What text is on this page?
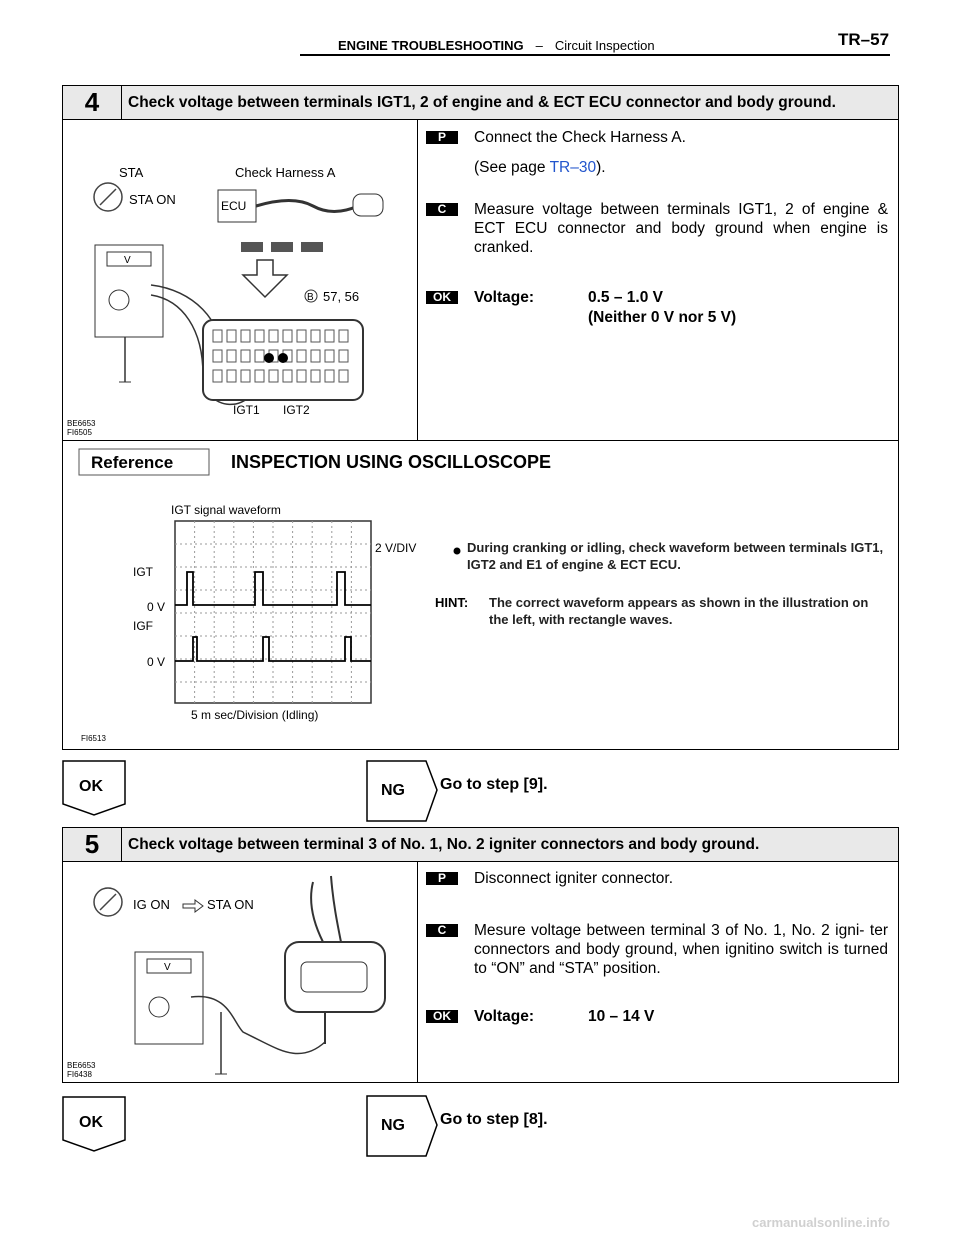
ENGINE TROUBLESHOOTING – Circuit Inspection	TR–57
4	Check voltage between terminals IGT1, 2 of engine and & ECT ECU connector and body ground.
STA
STA ON
Check Harness A
ECU
B 57, 56
V
IGT1 IGT2
BE6653
FI6505
P	Connect the Check Harness A.
(See page TR–30).
C	Measure voltage between terminals IGT1, 2 of engine & ECT ECU connector and body ground when engine is cranked.
OK	Voltage:	0.5 – 1.0 V
(Neither 0 V nor 5 V)
Reference	INSPECTION USING OSCILLOSCOPE
IGT signal waveform
2 V/DIV
IGT
0 V
IGF
0 V
5 m sec/Division (Idling)
During cranking or idling, check waveform between terminals IGT1, IGT2 and E1 of engine & ECT ECU.
HINT: The correct waveform appears as shown in the illustration on the left, with rectangle waves.
FI6513
OK	NG Go to step [9].
5	Check voltage between terminal 3 of No. 1, No. 2 igniter connectors and body ground.
IG ON	STA ON
V
BE6653
FI6438
P	Disconnect igniter connector.
C	Mesure voltage between terminal 3 of No. 1, No. 2 igni- ter connectors and body ground, when ignitino switch is turned to “ON” and “STA” position.
OK	Voltage:	10 – 14 V
OK	NG Go to step [8].
carmanualsonline.info
